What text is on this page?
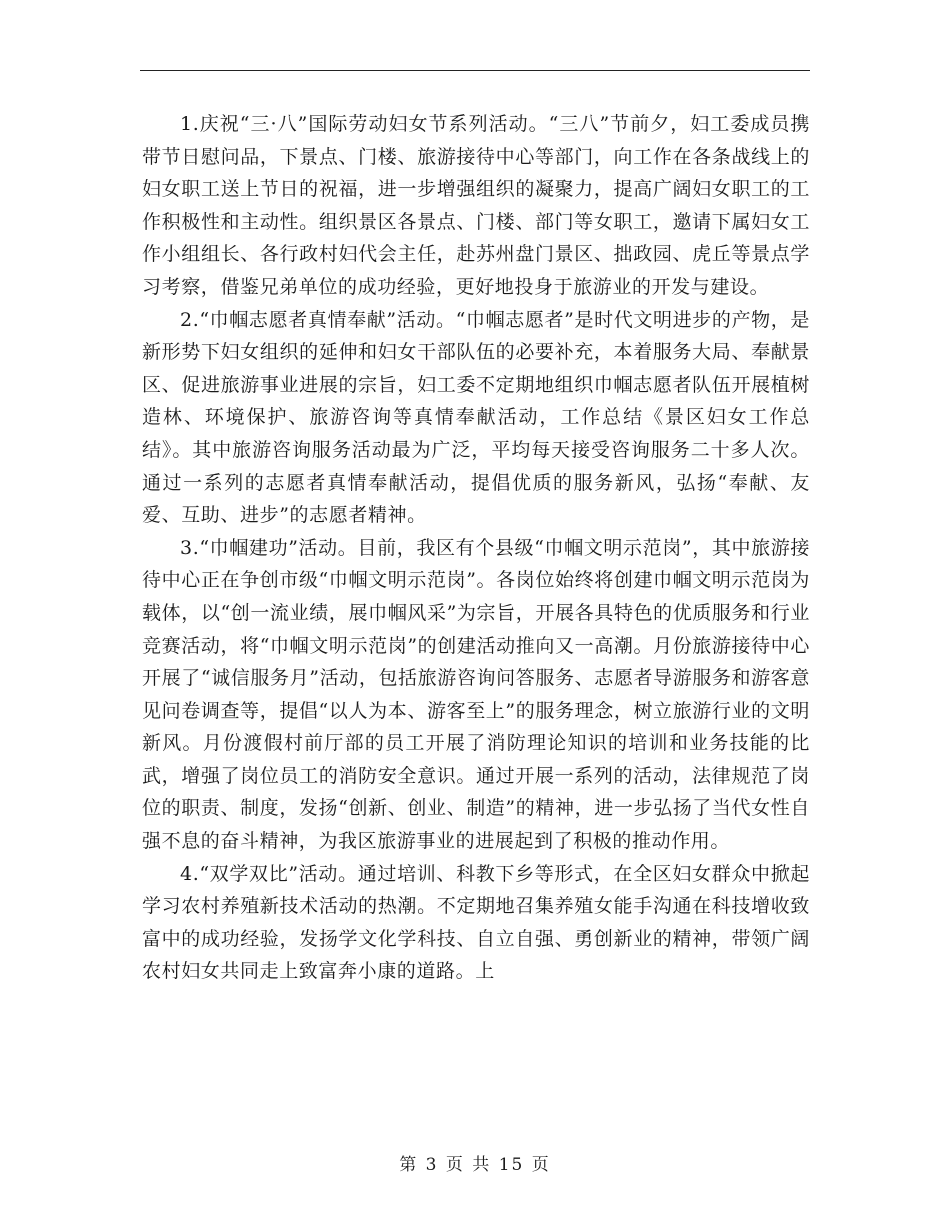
1.庆祝“三·八”国际劳动妇女节系列活动。“三八”节前夕，妇工委成员携带节日慰问品，下景点、门楼、旅游接待中心等部门，向工作在各条战线上的妇女职工送上节日的祝福，进一步增强组织的凝聚力，提高广阔妇女职工的工作积极性和主动性。组织景区各景点、门楼、部门等女职工，邀请下属妇女工作小组组长、各行政村妇代会主任，赴苏州盘门景区、拙政园、虎丘等景点学习考察，借鉴兄弟单位的成功经验，更好地投身于旅游业的开发与建设。

2.“巾帼志愿者真情奉献”活动。“巾帼志愿者”是时代文明进步的产物，是新形势下妇女组织的延伸和妇女干部队伍的必要补充，本着服务大局、奉献景区、促进旅游事业进展的宗旨，妇工委不定期地组织巾帼志愿者队伍开展植树造林、环境保护、旅游咨询等真情奉献活动，工作总结《景区妇女工作总结》。其中旅游咨询服务活动最为广泛，平均每天接受咨询服务二十多人次。通过一系列的志愿者真情奉献活动，提倡优质的服务新风，弘扬“奉献、友爱、互助、进步”的志愿者精神。

3.“巾帼建功”活动。目前，我区有个县级“巾帼文明示范岗”，其中旅游接待中心正在争创市级“巾帼文明示范岗”。各岗位始终将创建巾帼文明示范岗为载体，以“创一流业绩，展巾帼风采”为宗旨，开展各具特色的优质服务和行业竞赛活动，将“巾帼文明示范岗”的创建活动推向又一高潮。月份旅游接待中心开展了“诚信服务月”活动，包括旅游咨询问答服务、志愿者导游服务和游客意见问卷调查等，提倡“以人为本、游客至上”的服务理念，树立旅游行业的文明新风。月份渡假村前厅部的员工开展了消防理论知识的培训和业务技能的比武，增强了岗位员工的消防安全意识。通过开展一系列的活动，法律规范了岗位的职责、制度，发扬“创新、创业、制造”的精神，进一步弘扬了当代女性自强不息的奋斗精神，为我区旅游事业的进展起到了积极的推动作用。

4.“双学双比”活动。通过培训、科教下乡等形式，在全区妇女群众中掀起学习农村养殖新技术活动的热潮。不定期地召集养殖女能手沟通在科技增收致富中的成功经验，发扬学文化学科技、自立自强、勇创新业的精神，带领广阔农村妇女共同走上致富奔小康的道路。上

第 3 页 共 15 页
